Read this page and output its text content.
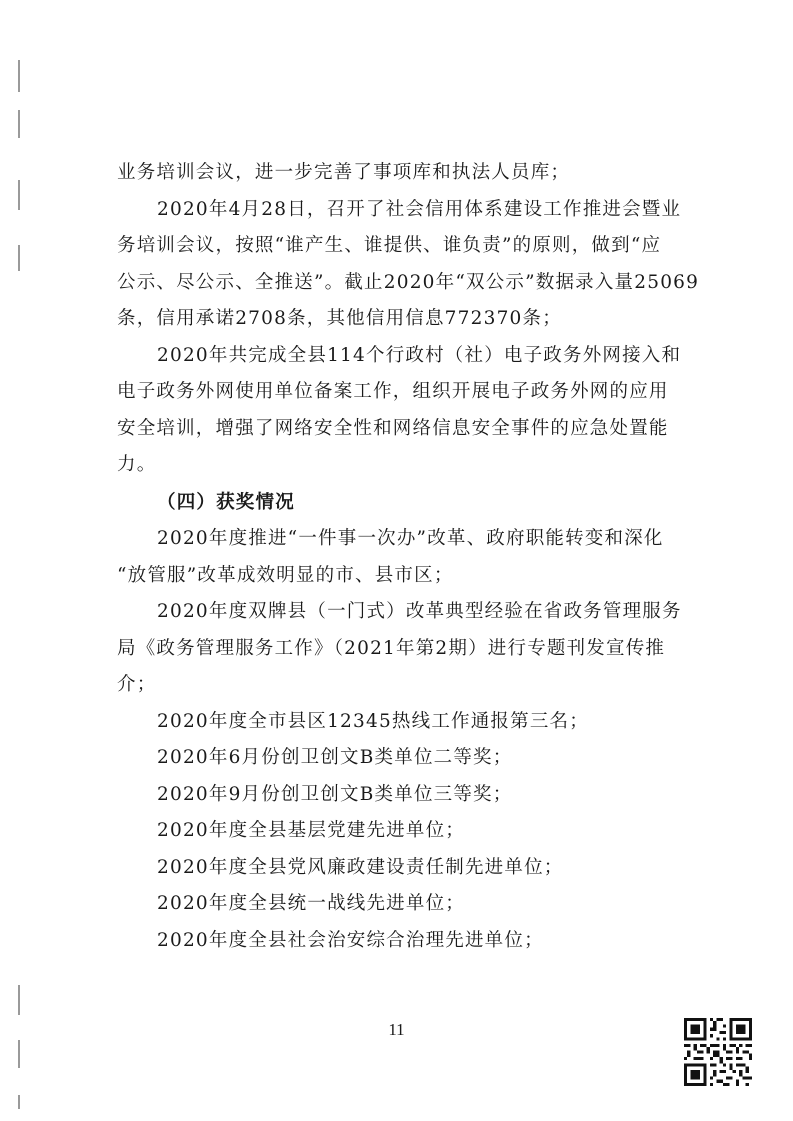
业务培训会议，进一步完善了事项库和执法人员库；
2020年4月28日，召开了社会信用体系建设工作推进会暨业
务培训会议，按照“谁产生、谁提供、谁负责”的原则，做到“应
公示、尽公示、全推送”。截止2020年“双公示”数据录入量25069
条，信用承诺2708条，其他信用信息772370条；
2020年共完成全县114个行政村（社）电子政务外网接入和
电子政务外网使用单位备案工作，组织开展电子政务外网的应用
安全培训，增强了网络安全性和网络信息安全事件的应急处置能
力。
（四）获奖情况
2020年度推进“一件事一次办”改革、政府职能转变和深化
“放管服”改革成效明显的市、县市区；
2020年度双牌县（一门式）改革典型经验在省政务管理服务
局《政务管理服务工作》（2021年第2期）进行专题刊发宣传推
介；
2020年度全市县区12345热线工作通报第三名；
2020年6月份创卫创文B类单位二等奖；
2020年9月份创卫创文B类单位三等奖；
2020年度全县基层党建先进单位；
2020年度全县党风廉政建设责任制先进单位；
2020年度全县统一战线先进单位；
2020年度全县社会治安综合治理先进单位；
11
